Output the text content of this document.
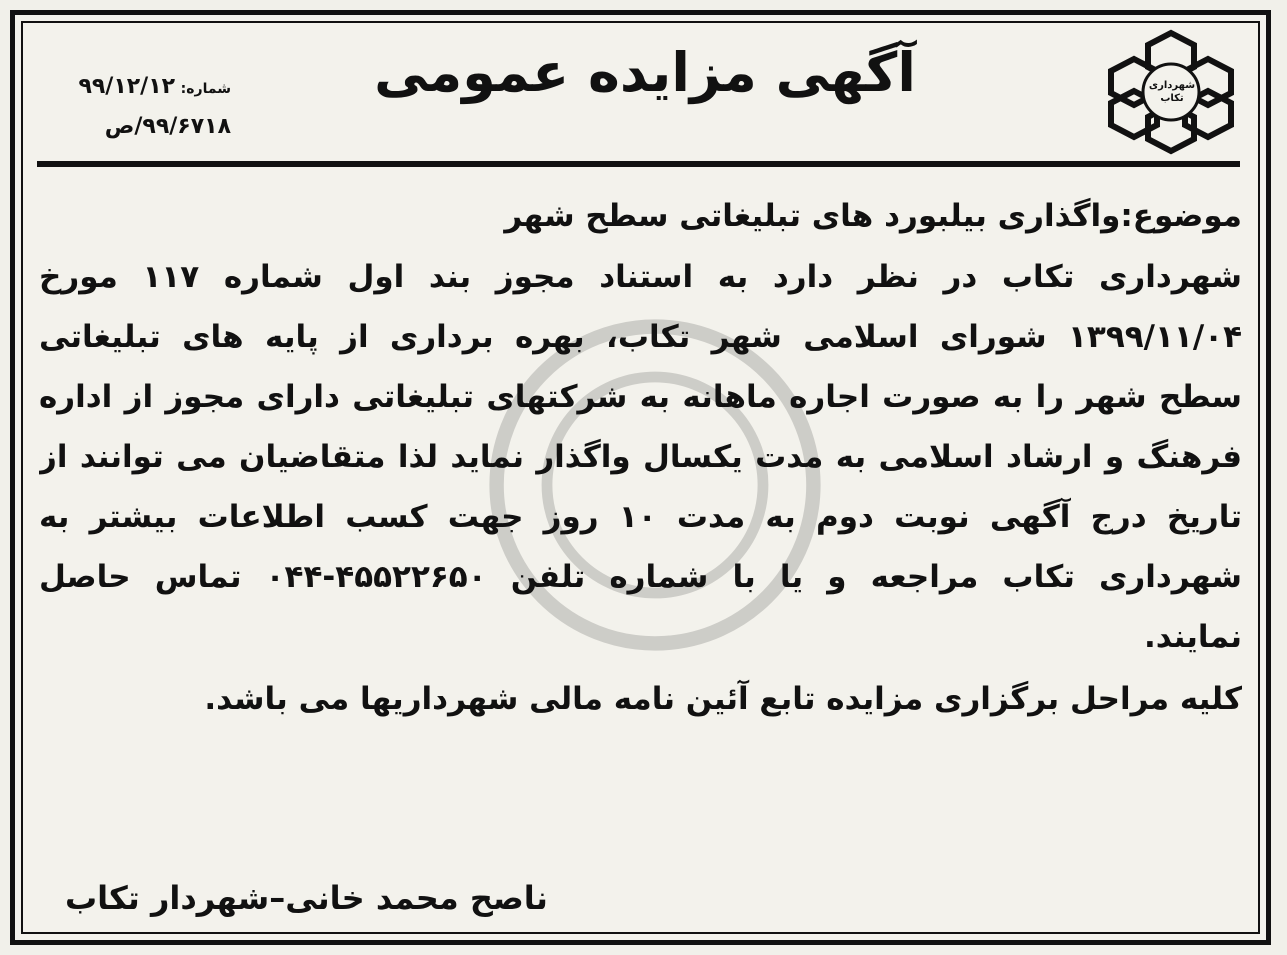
شهرداری
تکاب
آگهی مزایده عمومی
شماره: ۹۹/۱۲/۱۲
۹۹/۶۷۱۸/ص
موضوع:واگذاری بیلبورد های تبلیغاتی سطح شهر
شهرداری تکاب در نظر دارد به استناد مجوز بند اول شماره ۱۱۷ مورخ
۱۳۹۹/۱۱/۰۴ شورای اسلامی شهر تکاب، بهره برداری از پایه های تبلیغاتی
سطح شهر را به صورت اجاره ماهانه به شرکتهای تبلیغاتی دارای مجوز از اداره
فرهنگ و ارشاد اسلامی به مدت یکسال واگذار نماید لذا متقاضیان می توانند از
تاریخ درج آگهی نوبت دوم به مدت ۱۰ روز جهت کسب اطلاعات بیشتر به
شهرداری تکاب مراجعه و یا با شماره تلفن ۴۵۵۲۲۶۵۰-۰۴۴ تماس حاصل
نمایند.
کلیه مراحل برگزاری مزایده تابع آئین نامه مالی شهرداریها می باشد.
ناصح محمد خانی–شهردار تکاب
